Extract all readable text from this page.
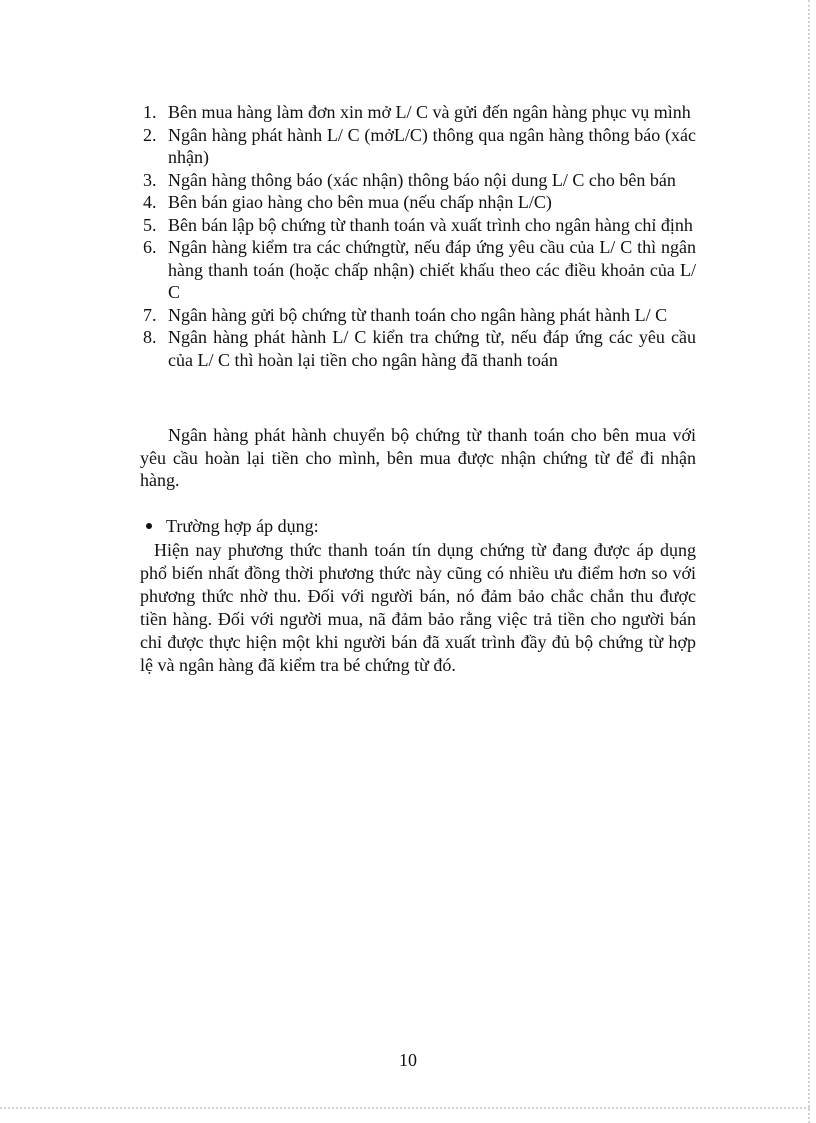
1. Bên mua hàng làm đơn xin mở L/ C và gửi đến ngân hàng phục vụ mình
2. Ngân hàng phát hành L/ C (mởL/C) thông qua ngân hàng thông báo (xác nhận)
3. Ngân hàng thông báo (xác nhận) thông báo nội dung L/ C cho bên bán
4. Bên bán giao hàng cho bên mua (nếu chấp nhận L/C)
5. Bên bán lập bộ chứng từ thanh toán và xuất trình cho ngân hàng chỉ định
6. Ngân hàng kiểm tra các chứngtừ, nếu đáp ứng yêu cầu của L/ C thì ngân hàng thanh toán (hoặc chấp nhận) chiết khấu theo các điều khoản của L/ C
7. Ngân hàng gửi bộ chứng từ thanh toán cho ngân hàng phát hành L/ C
8. Ngân hàng phát hành L/ C kiển tra chứng từ, nếu đáp ứng các yêu cầu của L/ C thì hoàn lại tiền cho ngân hàng đã thanh toán

Ngân hàng phát hành chuyển bộ chứng từ thanh toán cho bên mua với yêu cầu hoàn lại tiền cho mình, bên mua được nhận chứng từ để đi nhận hàng.

Trường hợp áp dụng:

Hiện nay phương thức thanh toán tín dụng chứng từ đang được áp dụng phổ biến nhất đồng thời phương thức này cũng có nhiều ưu điểm hơn so với phương thức nhờ thu. Đối với người bán, nó đảm bảo chắc chắn thu được tiền hàng. Đối với người mua, nã đảm bảo rằng việc trả tiền cho người bán chỉ được thực hiện một khi người bán đã xuất trình đầy đủ bộ chứng từ hợp lệ và ngân hàng đã kiểm tra bé chứng từ đó.

10
